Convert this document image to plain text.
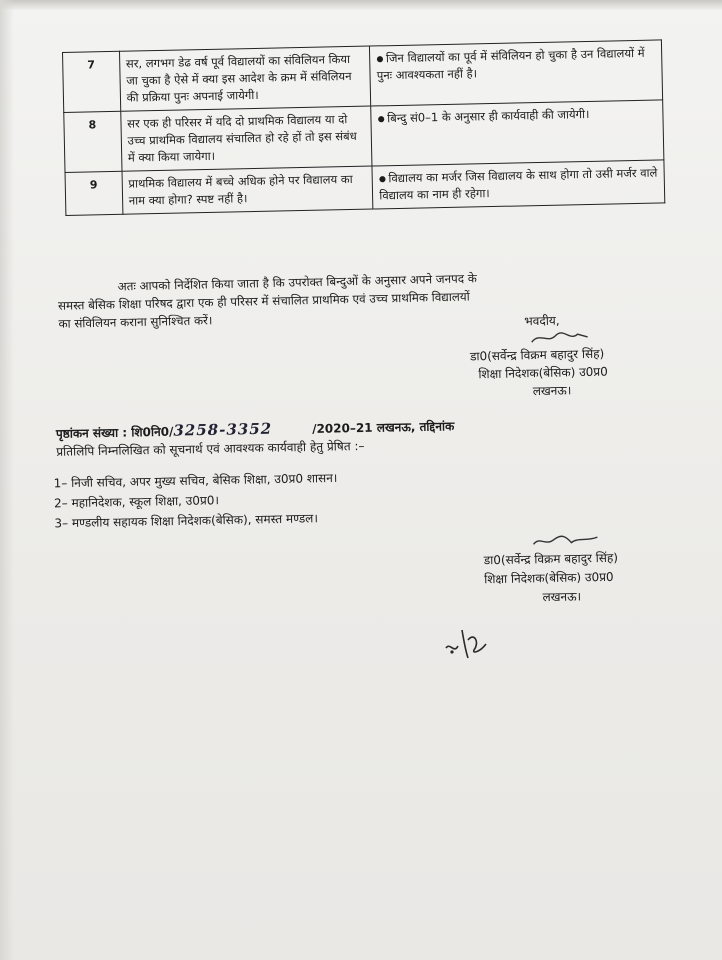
7	सर, लगभग डेढ वर्ष पूर्व विद्यालयों का संविलियन किया जा चुका है ऐसे में क्या इस आदेश के क्रम में संविलियन की प्रक्रिया पुनः अपनाई जायेगी।	● जिन विद्यालयों का पूर्व में संविलियन हो चुका है उन विद्यालयों में पुनः आवश्यकता नहीं है।
8	सर एक ही परिसर में यदि दो प्राथमिक विद्यालय या दो उच्च प्राथमिक विद्यालय संचालित हो रहे हों तो इस संबंध में क्या किया जायेगा।	● बिन्दु सं0–1 के अनुसार ही कार्यवाही की जायेगी।
9	प्राथमिक विद्यालय में बच्चे अधिक होने पर विद्यालय का नाम क्या होगा? स्पष्ट नहीं है।	● विद्यालय का मर्जर जिस विद्यालय के साथ होगा तो उसी मर्जर वाले विद्यालय का नाम ही रहेगा।
अतः आपको निर्देशित किया जाता है कि उपरोक्त बिन्दुओं के अनुसार अपने जनपद के
समस्त बेसिक शिक्षा परिषद द्वारा एक ही परिसर में संचालित प्राथमिक एवं उच्च प्राथमिक विद्यालयों
का संविलियन कराना सुनिश्चित करें।	भवदीय,
डा0(सर्वेन्द्र विक्रम बहादुर सिंह)
शिक्षा निदेशक(बेसिक) उ0प्र0
लखनऊ।
पृष्ठांकन संख्या : शि0नि0/3258-3352	/2020–21 लखनऊ, तद्दिनांक
प्रतिलिपि निम्नलिखित को सूचनार्थ एवं आवश्यक कार्यवाही हेतु प्रेषित :–
1– निजी सचिव, अपर मुख्य सचिव, बेसिक शिक्षा, उ0प्र0 शासन।
2– महानिदेशक, स्कूल शिक्षा, उ0प्र0।
3– मण्डलीय सहायक शिक्षा निदेशक(बेसिक), समस्त मण्डल।
डा0(सर्वेन्द्र विक्रम बहादुर सिंह)
शिक्षा निदेशक(बेसिक) उ0प्र0
लखनऊ।
